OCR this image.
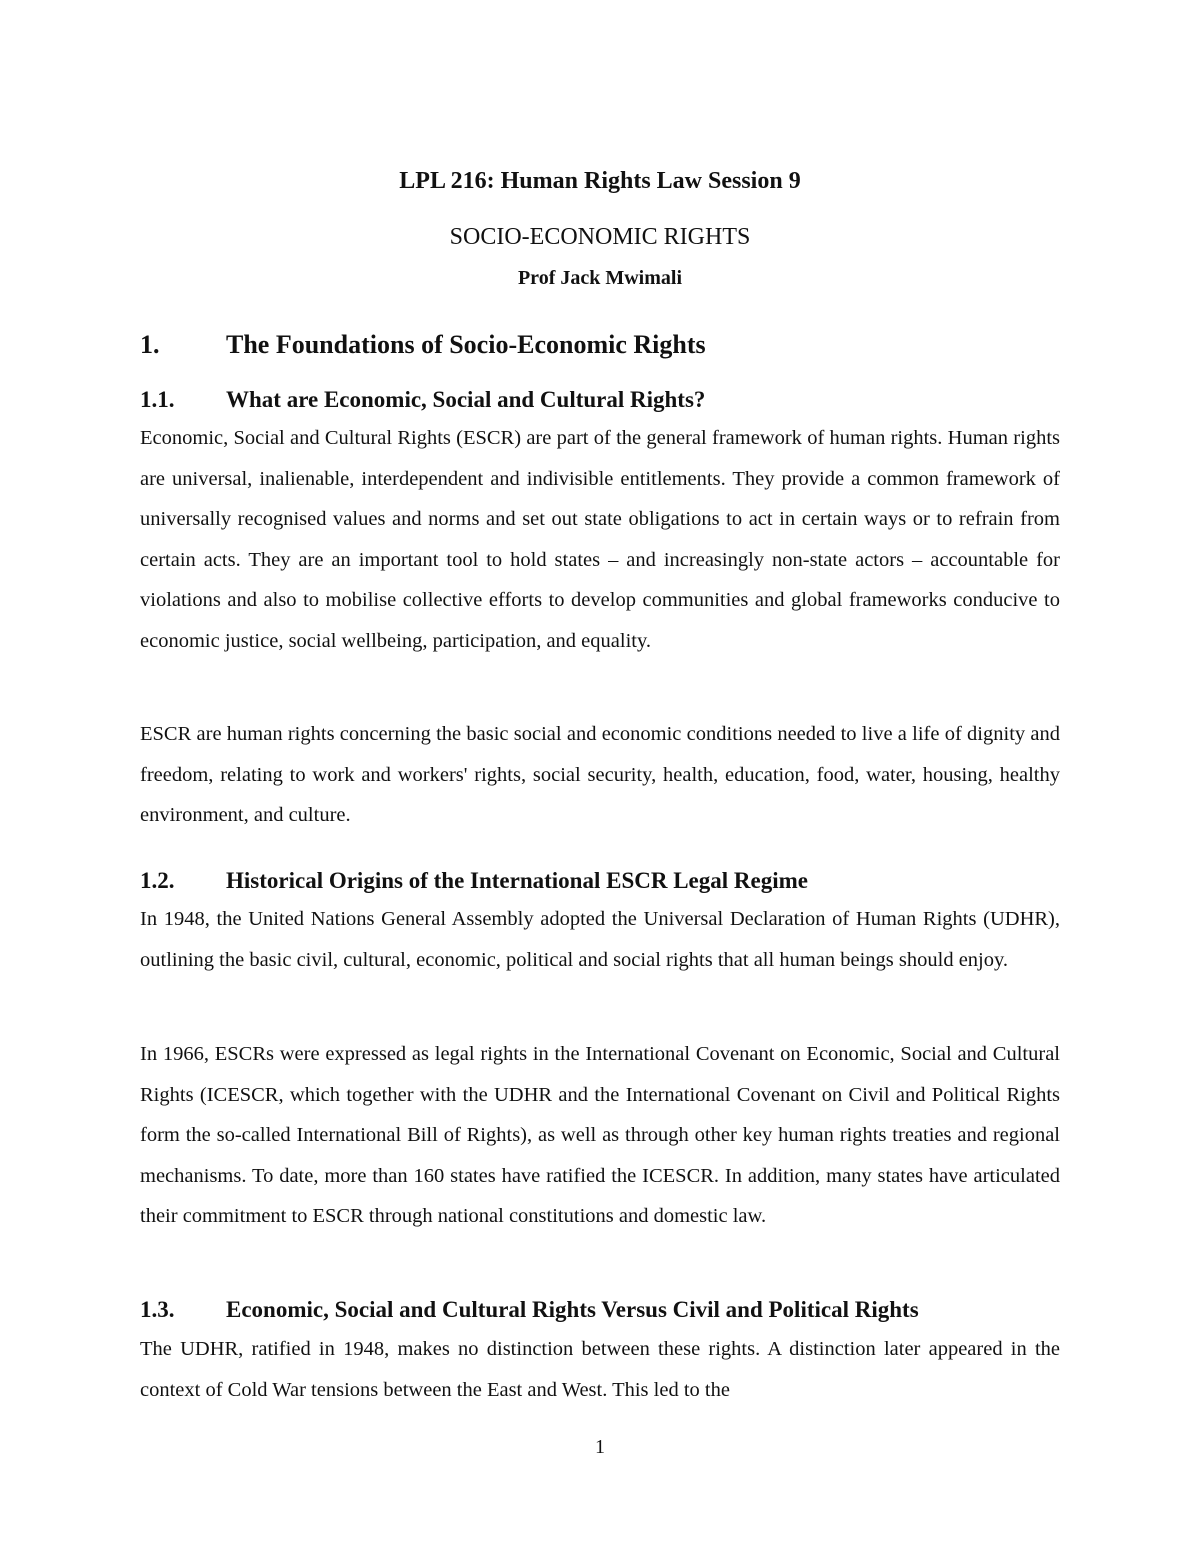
LPL 216: Human Rights Law Session 9
SOCIO-ECONOMIC RIGHTS
Prof Jack Mwimali
1.	The Foundations of Socio-Economic Rights
1.1.	What are Economic, Social and Cultural Rights?

Economic, Social and Cultural Rights (ESCR) are part of the general framework of human rights. Human rights are universal, inalienable, interdependent and indivisible entitlements. They provide a common framework of universally recognised values and norms and set out state obligations to act in certain ways or to refrain from certain acts. They are an important tool to hold states – and increasingly non-state actors – accountable for violations and also to mobilise collective efforts to develop communities and global frameworks conducive to economic justice, social wellbeing, participation, and equality.

ESCR are human rights concerning the basic social and economic conditions needed to live a life of dignity and freedom, relating to work and workers' rights, social security, health, education, food, water, housing, healthy environment, and culture.

1.2.	Historical Origins of the International ESCR Legal Regime

In 1948, the United Nations General Assembly adopted the Universal Declaration of Human Rights (UDHR), outlining the basic civil, cultural, economic, political and social rights that all human beings should enjoy.

In 1966, ESCRs were expressed as legal rights in the International Covenant on Economic, Social and Cultural Rights (ICESCR, which together with the UDHR and the International Covenant on Civil and Political Rights form the so-called International Bill of Rights), as well as through other key human rights treaties and regional mechanisms. To date, more than 160 states have ratified the ICESCR. In addition, many states have articulated their commitment to ESCR through national constitutions and domestic law.

1.3.	Economic, Social and Cultural Rights Versus Civil and Political Rights

The UDHR, ratified in 1948, makes no distinction between these rights. A distinction later appeared in the context of Cold War tensions between the East and West. This led to the

1
